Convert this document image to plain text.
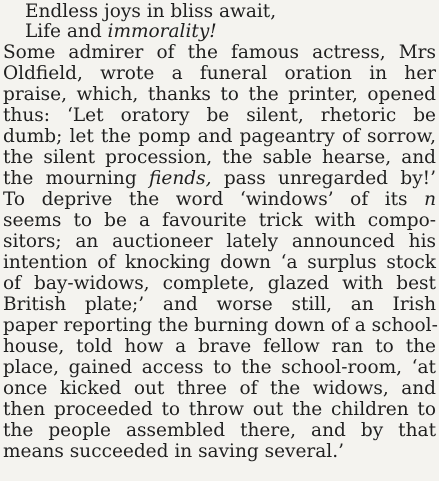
Endless joys in bliss await,
Life and immorality!
Some admirer of the famous actress, Mrs
Oldfield, wrote a funeral oration in her
praise, which, thanks to the printer, opened
thus: ‘Let oratory be silent, rhetoric be
dumb; let the pomp and pageantry of sorrow,
the silent procession, the sable hearse, and
the mourning fiends, pass unregarded by!’
To deprive the word ‘windows’ of its n
seems to be a favourite trick with compo-
sitors; an auctioneer lately announced his
intention of knocking down ‘a surplus stock
of bay-widows, complete, glazed with best
British plate;’ and worse still, an Irish
paper reporting the burning down of a school-
house, told how a brave fellow ran to the
place, gained access to the school-room, ‘at
once kicked out three of the widows, and
then proceeded to throw out the children to
the people assembled there, and by that
means succeeded in saving several.’
